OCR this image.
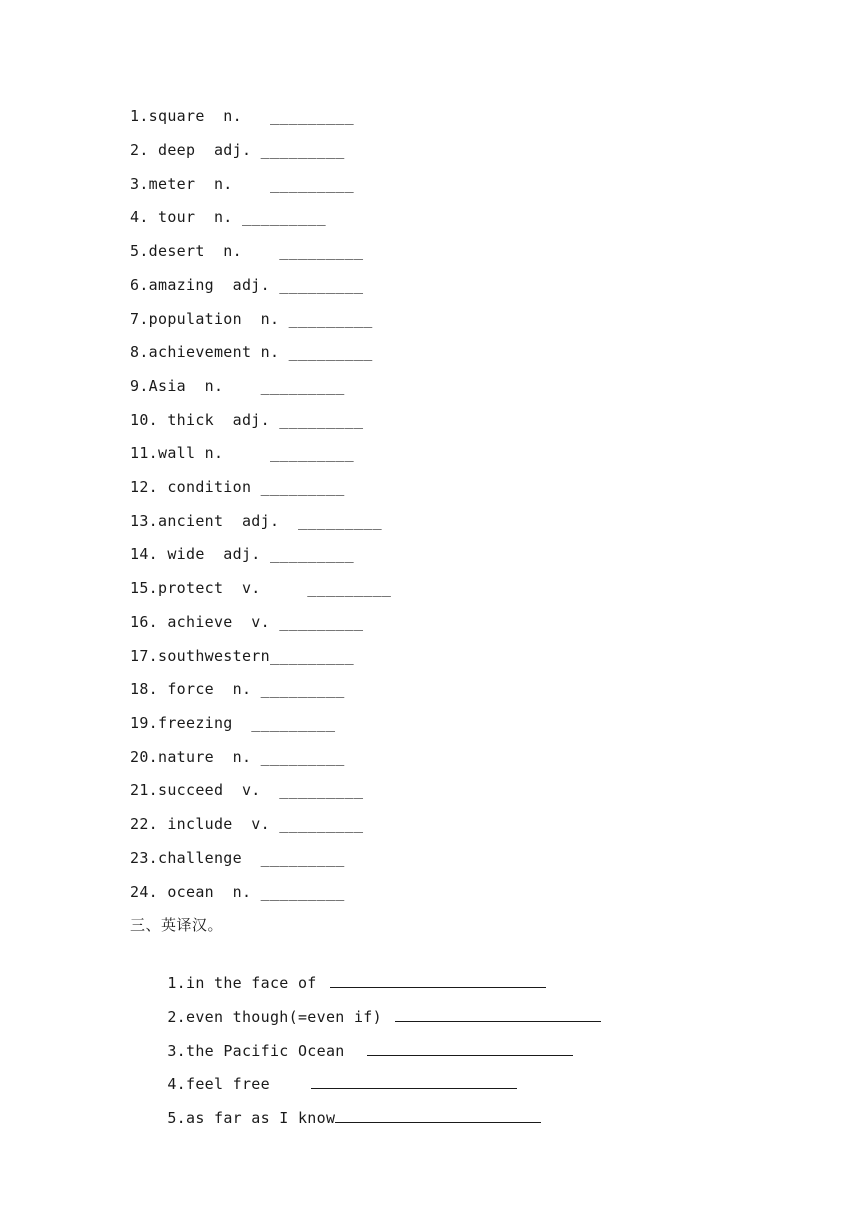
1.square  n.   _________
2. deep  adj. _________
3.meter  n.    _________
4. tour  n. _________
5.desert  n.    _________
6.amazing  adj. _________
7.population  n. _________
8.achievement n. _________
9.Asia  n.    _________
10. thick  adj. _________
11.wall n.     _________
12. condition _________
13.ancient  adj.  _________
14. wide  adj. _________
15.protect  v.     _________
16. achieve  v. _________
17.southwestern_________
18. force  n. _________
19.freezing  _________
20.nature  n. _________
21.succeed  v.  _________
22. include  v. _________
23.challenge  _________
24. ocean  n. _________
三、英译汉。

1.in the face of

2.even though(=even if)

3.the Pacific Ocean

4.feel free

5.as far as I know
